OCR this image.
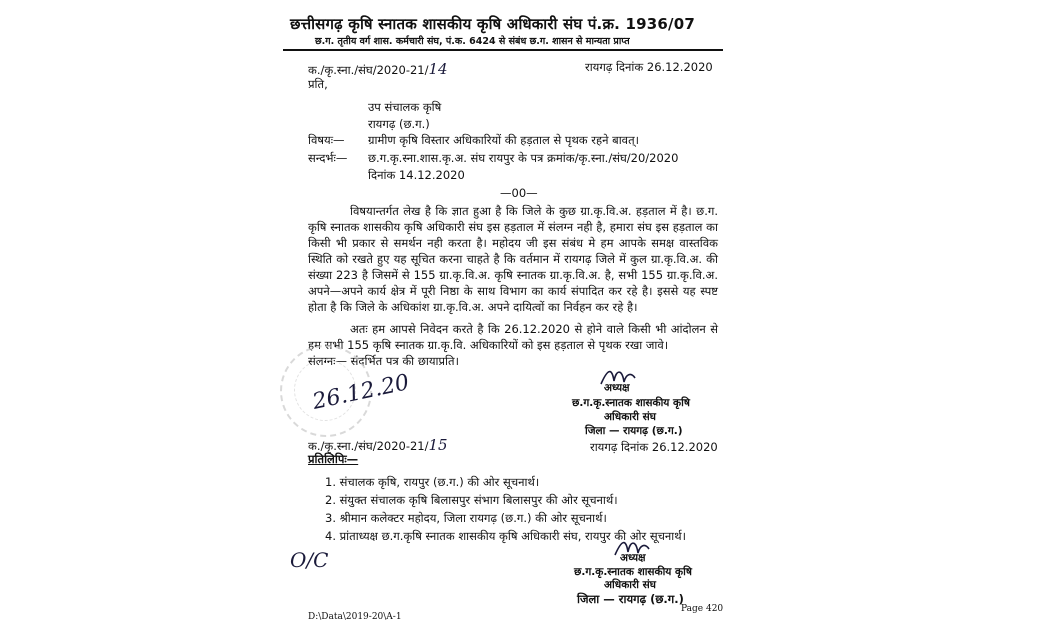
छत्तीसगढ़ कृषि स्नातक शासकीय कृषि अधिकारी संघ पं.क्र. 1936/07
छ.ग. तृतीय वर्ग शास. कर्मचारी संघ, पं.क. 6424 से संबंध छ.ग. शासन से मान्यता प्राप्त
क./कृ.स्ना./संघ/2020-21/14	रायगढ़ दिनांक 26.12.2020
प्रति,
उप संचालक कृषि
रायगढ़ (छ.ग.)
विषयः— ग्रामीण कृषि विस्तार अधिकारियों की हड़ताल से पृथक रहने बावत्।
सन्दर्भः— छ.ग.कृ.स्ना.शास.कृ.अ. संघ रायपुर के पत्र क्रमांक/कृ.स्ना./संघ/20/2020
दिनांक 14.12.2020
—00—
विषयान्तर्गत लेख है कि ज्ञात हुआ है कि जिले के कुछ ग्रा.कृ.वि.अ. हड़ताल में है। छ.ग. कृषि स्नातक शासकीय कृषि अधिकारी संघ इस हड़ताल में संलग्न नही है, हमारा संघ इस हड़ताल का किसी भी प्रकार से समर्थन नही करता है। महोदय जी इस संबंध मे हम आपके समक्ष वास्तविक स्थिति को रखते हुए यह सूचित करना चाहते है कि वर्तमान में रायगढ़ जिले में कुल ग्रा.कृ.वि.अ. की संख्या 223 है जिसमें से 155 ग्रा.कृ.वि.अ. कृषि स्नातक ग्रा.कृ.वि.अ. है, सभी 155 ग्रा.कृ.वि.अ. अपने—अपने कार्य क्षेत्र में पूरी निष्ठा के साथ विभाग का कार्य संपादित कर रहे है। इससे यह स्पष्ट होता है कि जिले के अधिकांश ग्रा.कृ.वि.अ. अपने दायित्वों का निर्वहन कर रहे है।
अतः हम आपसे निवेदन करते है कि 26.12.2020 से होने वाले किसी भी आंदोलन से हम सभी 155 कृषि स्नातक ग्रा.कृ.वि. अधिकारियों को इस हड़ताल से पृथक रखा जावे।
संलग्नः— संदर्भित पत्र की छायाप्रति।
26.12.20	अध्यक्ष
छ.ग.कृ.स्नातक शासकीय कृषि
अधिकारी संघ
जिला — रायगढ़ (छ.ग.)
रायगढ़ दिनांक 26.12.2020
क./कृ.स्ना./संघ/2020-21/15
प्रतिलिपिः—
1. संचालक कृषि, रायपुर (छ.ग.) की ओर सूचनार्थ।
2. संयुक्त संचालक कृषि बिलासपुर संभाग बिलासपुर की ओर सूचनार्थ।
3. श्रीमान कलेक्टर महोदय, जिला रायगढ़ (छ.ग.) की ओर सूचनार्थ।
4. प्रांताध्यक्ष छ.ग.कृषि स्नातक शासकीय कृषि अधिकारी संघ, रायपुर की ओर सूचनार्थ।
अध्यक्ष
छ.ग.कृ.स्नातक शासकीय कृषि
अधिकारी संघ
जिला — रायगढ़ (छ.ग.)
O/C
D:\Data\2019-20\A-1
Page 420
